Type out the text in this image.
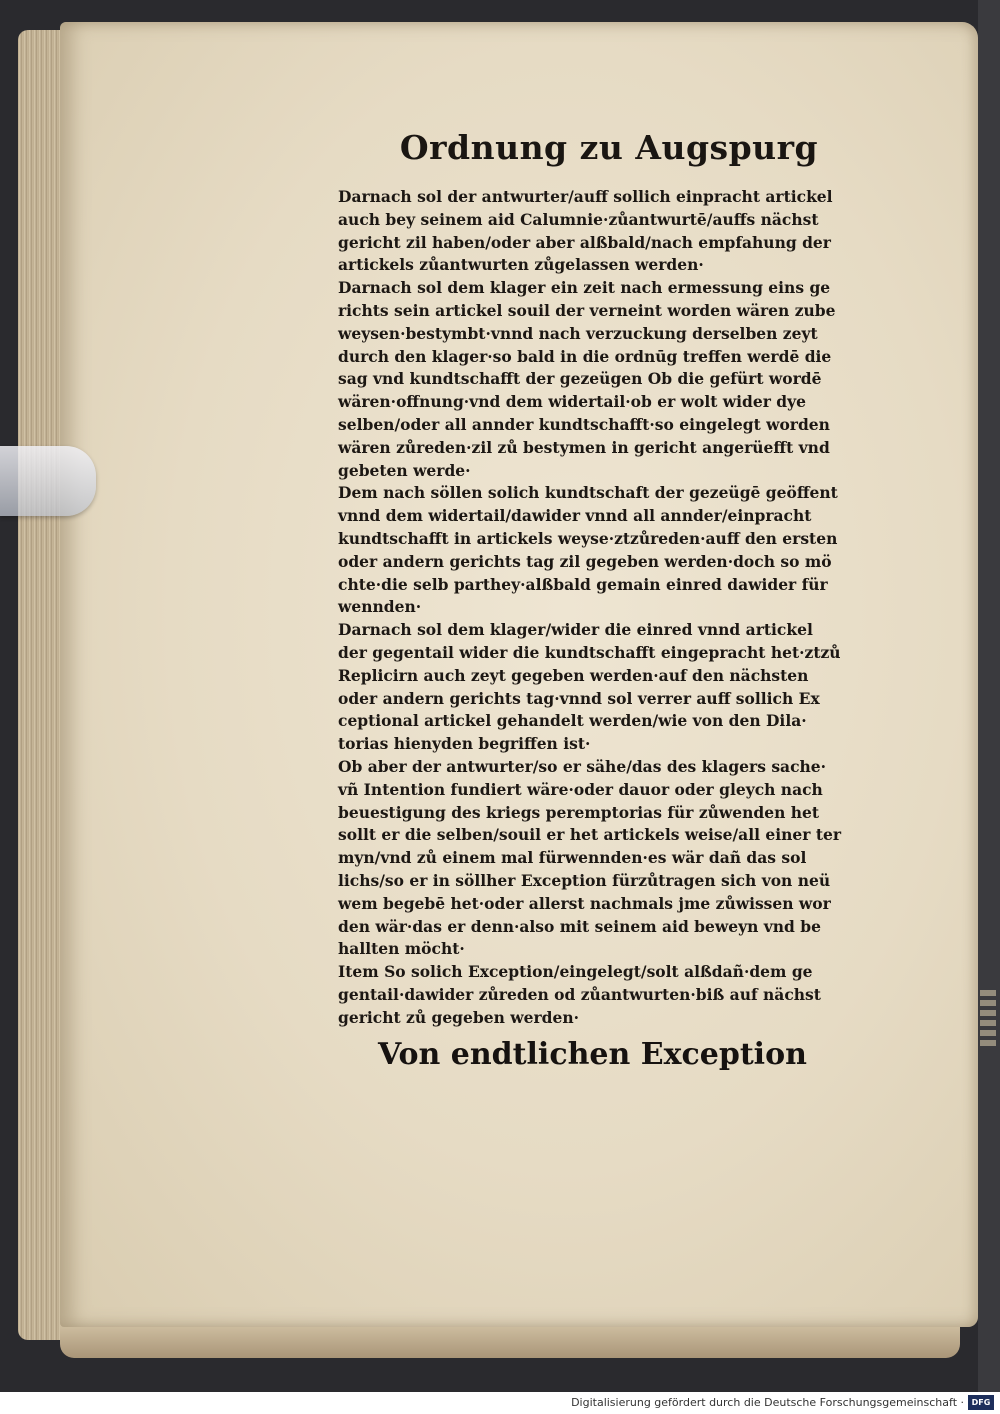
Ordnung zu Augspurg
Darnach sol der antwurter/auff sollich einpracht artickel
auch bey seinem aid Calumnie·zůantwurtē/auffs nächst
gericht zil haben/oder aber alßbald/nach empfahung der
artickels zůantwurten zůgelassen werden·
Darnach sol dem klager ein zeit nach ermessung eins ge
richts sein artickel souil der verneint worden wären zube
weysen·bestymbt·vnnd nach verzuckung derselben zeyt
durch den klager·so bald in die ordnūg treffen werdē die
sag vnd kundtschafft der gezeügen Ob die gefürt wordē
wären·offnung·vnd dem widertail·ob er wolt wider dye
selben/oder all annder kundtschafft·so eingelegt worden
wären zůreden·zil zů bestymen in gericht angerüefft vnd
gebeten werde·
Dem nach söllen solich kundtschaft der gezeügē geöffent
vnnd dem widertail/dawider vnnd all annder/einpracht
kundtschafft in artickels weyse·ztzůreden·auff den ersten
oder andern gerichts tag zil gegeben werden·doch so mö
chte·die selb parthey·alßbald gemain einred dawider für
wennden·
Darnach sol dem klager/wider die einred vnnd artickel
der gegentail wider die kundtschafft eingepracht het·ztzů
Replicirn auch zeyt gegeben werden·auf den nächsten
oder andern gerichts tag·vnnd sol verrer auff sollich Ex
ceptional artickel gehandelt werden/wie von den Dila·
torias hienyden begriffen ist·
Ob aber der antwurter/so er sähe/das des klagers sache·
vñ Intention fundiert wäre·oder dauor oder gleych nach
beuestigung des kriegs peremptorias für zůwenden het
sollt er die selben/souil er het artickels weise/all einer ter
myn/vnd zů einem mal fürwennden·es wär dañ das sol
lichs/so er in söllher Exception fürzůtragen sich von neü
wem begebē het·oder allerst nachmals jme zůwissen wor
den wär·das er denn·also mit seinem aid beweyn vnd be
hallten möcht·
Item So solich Exception/eingelegt/solt alßdañ·dem ge
gentail·dawider zůreden od zůantwurten·biß auf nächst
gericht zů gegeben werden·
Von endtlichen Exception
Digitalisierung gefördert durch die Deutsche Forschungsgemeinschaft · DFG
